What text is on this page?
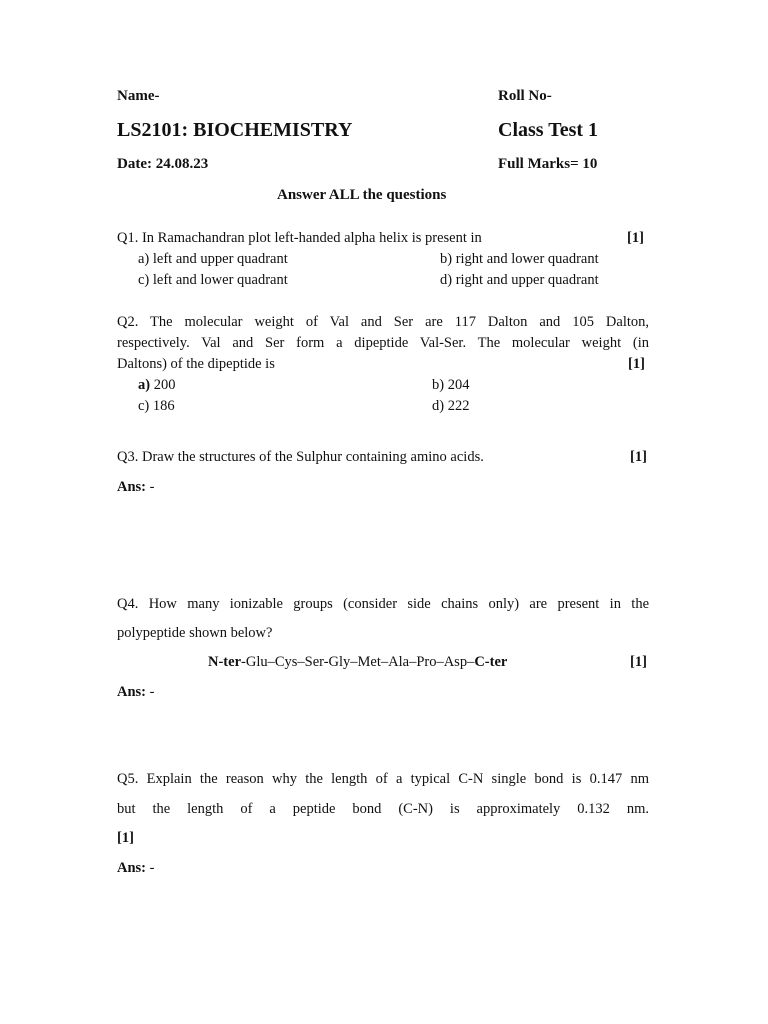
Name-	Roll No-
LS2101: BIOCHEMISTRY	Class Test 1
Date: 24.08.23	Full Marks= 10
Answer ALL the questions
Q1. In Ramachandran plot left-handed alpha helix is present in	[1]
a) left and upper quadrant	b) right and lower quadrant
c) left and lower quadrant	d) right and upper quadrant
Q2. The molecular weight of Val and Ser are 117 Dalton and 105 Dalton,
respectively. Val and Ser form a dipeptide Val-Ser. The molecular weight (in
Daltons) of the dipeptide is	[1]
a) 200	b) 204
c) 186	d) 222
Q3. Draw the structures of the Sulphur containing amino acids.	[1]
Ans: -
Q4. How many ionizable groups (consider side chains only) are present in the
polypeptide shown below?
N-ter-Glu–Cys–Ser-Gly–Met–Ala–Pro–Asp–C-ter	[1]
Ans: -
Q5. Explain the reason why the length of a typical C-N single bond is 0.147 nm
but the length of a peptide bond (C-N) is approximately 0.132 nm.
[1]
Ans: -
